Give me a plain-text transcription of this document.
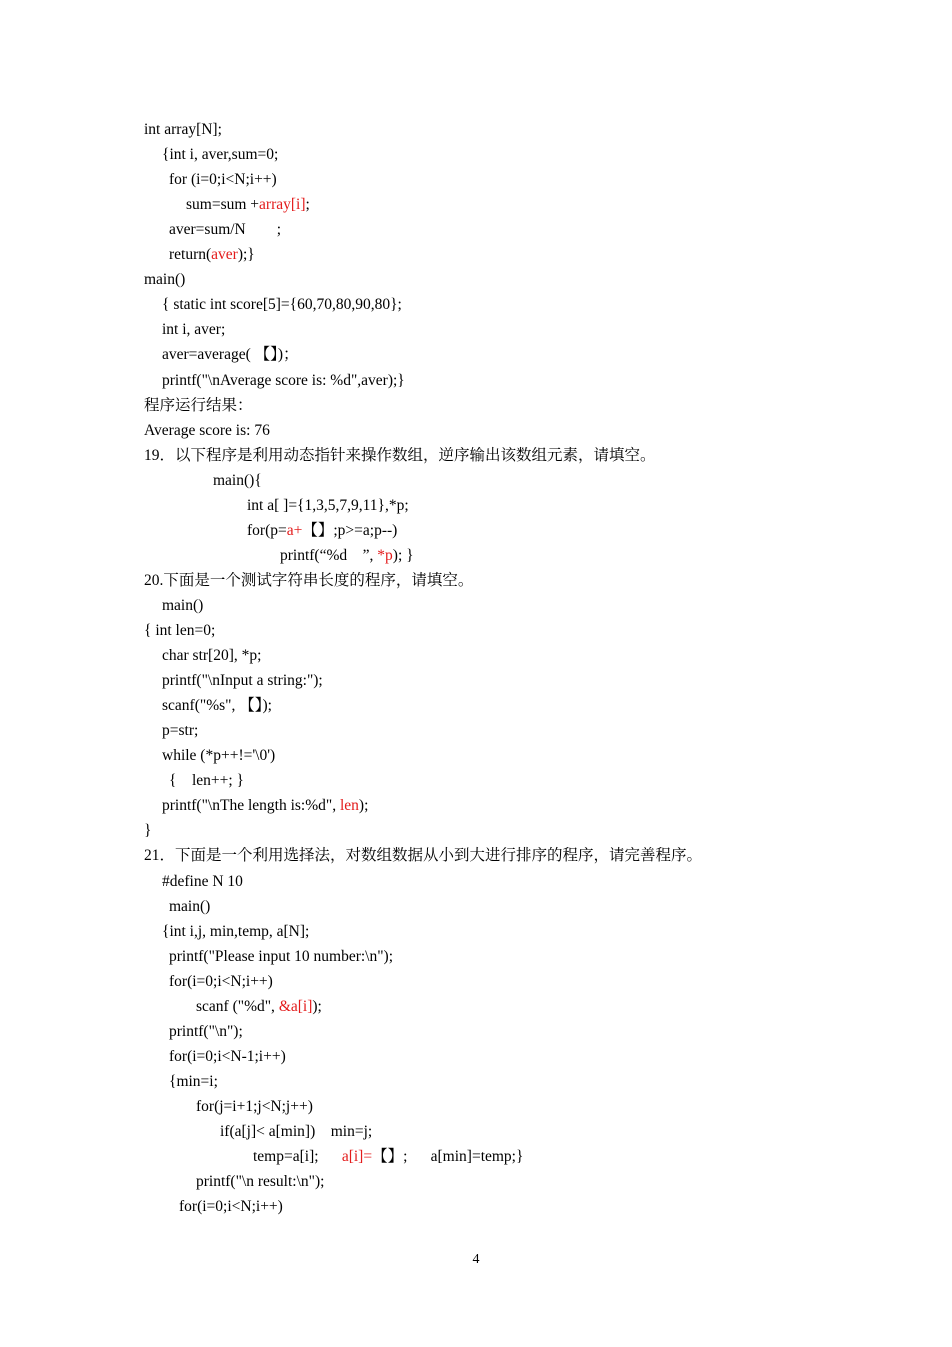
int array[N];
{int i, aver,sum=0;
for (i=0;i<N;i++)
sum=sum +array[i];
aver=sum/N        ;
return(aver);}
main()
{ static int score[5]={60,70,80,90,80};
int i, aver;
aver=average( 【】)；
printf("\nAverage score is: %d",aver);}
程序运行结果：
Average score is: 76
19．以下程序是利用动态指针来操作数组，逆序输出该数组元素，请填空。
main(){
int a[ ]={1,3,5,7,9,11},*p;
for(p=a+【】;p>=a;p--)
printf(“%d    ”, *p); }
20.下面是一个测试字符串长度的程序，请填空。
main()
{ int len=0;
char str[20], *p;
printf("\nInput a string:");
scanf("%s", 【】);
p=str;
while (*p++!='\0')
{    len++; }
printf("\nThe length is:%d", len);
}
21．下面是一个利用选择法，对数组数据从小到大进行排序的程序，请完善程序。
#define N 10
main()
{int i,j, min,temp, a[N];
printf("Please input 10 number:\n");
for(i=0;i<N;i++)
scanf ("%d", &a[i]);
printf("\n");
for(i=0;i<N-1;i++)
{min=i;
for(j=i+1;j<N;j++)
if(a[j]< a[min])    min=j;
temp=a[i];      a[i]=【】;      a[min]=temp;}
printf("\n result:\n");
for(i=0;i<N;i++)
4
